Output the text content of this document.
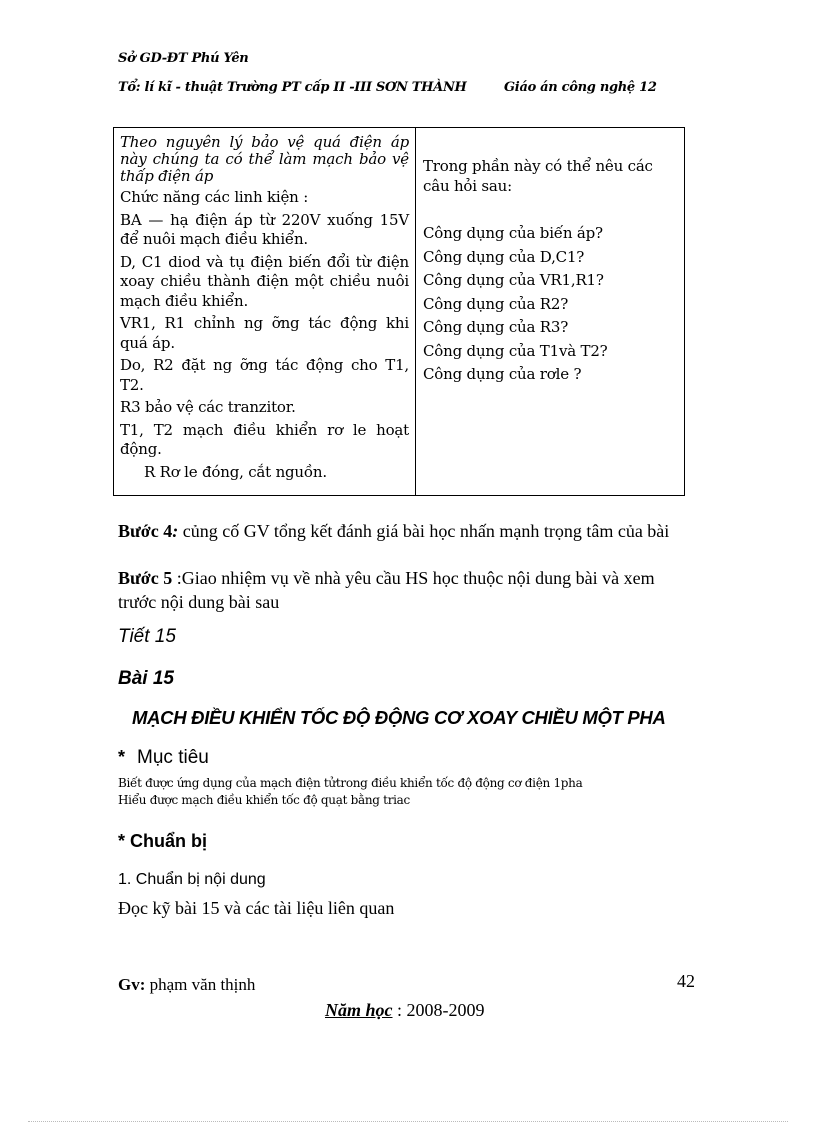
Sở GD-ĐT Phú Yên
Tổ: lí kĩ - thuật Trường PT cấp II -III SƠN THÀNH	Giáo án công nghệ 12

Theo nguyên lý bảo vệ quá điện áp này chúng ta có thể làm mạch bảo vệ thấp điện áp

Chức năng các linh kiện :

BA — hạ điện áp từ 220V xuống 15V để nuôi mạch điều khiển.

D, C1 diod và tụ điện biến đổi từ điện xoay chiều thành điện một chiều nuôi mạch điều khiển.

VR1, R1 chỉnh ng ỡng tác động khi quá áp.

Do, R2 đặt ng ỡng tác động cho T1, T2.

R3 bảo vệ các tranzitor.

T1, T2 mạch điều khiển rơ le hoạt động.

R Rơ le đóng, cắt nguồn.

Trong phần này có thể nêu các câu hỏi sau:

Công dụng của biến áp?

Công dụng của D,C1?

Công dụng của VR1,R1?

Công dụng của R2?

Công dụng của R3?

Công dụng của T1và T2?

Công dụng của rơle ?

Bước 4: củng cố GV tổng kết đánh giá bài học nhấn mạnh trọng tâm của bài
Bước 5 :Giao nhiệm vụ về nhà yêu cầu HS học thuộc nội dung bài và xem trước nội dung bài sau
Tiết 15
Bài 15
MẠCH ĐIỀU KHIỂN TỐC ĐỘ ĐỘNG CƠ XOAY CHIỀU MỘT PHA
* Mục tiêu
Biết được ứng dụng của mạch điện tửtrong điều khiển tốc độ động cơ điện 1pha
Hiểu được mạch điều khiển tốc độ quạt bằng triac
* Chuẩn bị
1. Chuẩn bị nội dung
Đọc kỹ bài 15 và các tài liệu liên quan
Gv: phạm văn thịnh	42
Năm học : 2008-2009
